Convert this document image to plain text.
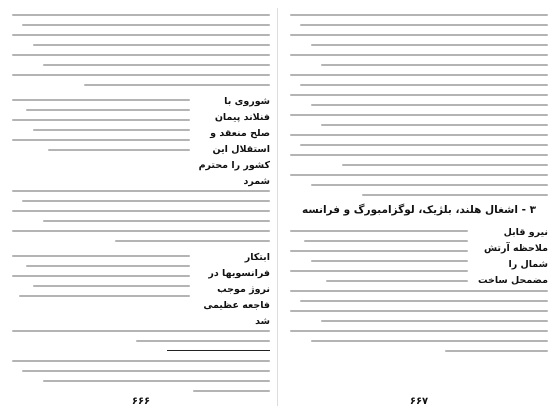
شوروی با فنلاند پیمان صلح منعقد و استقلال این کشور را محترم شمرد
ابتکار فرانسویها در نروژ موجب فاجعه عظیمی شد
۶۶۶
۳ - اشغال هلند، بلژیک، لوگزامبورگ و فرانسه
نیرو قابل ملاحظه آرتش شمال را مضمحل ساخت
۶۶۷
